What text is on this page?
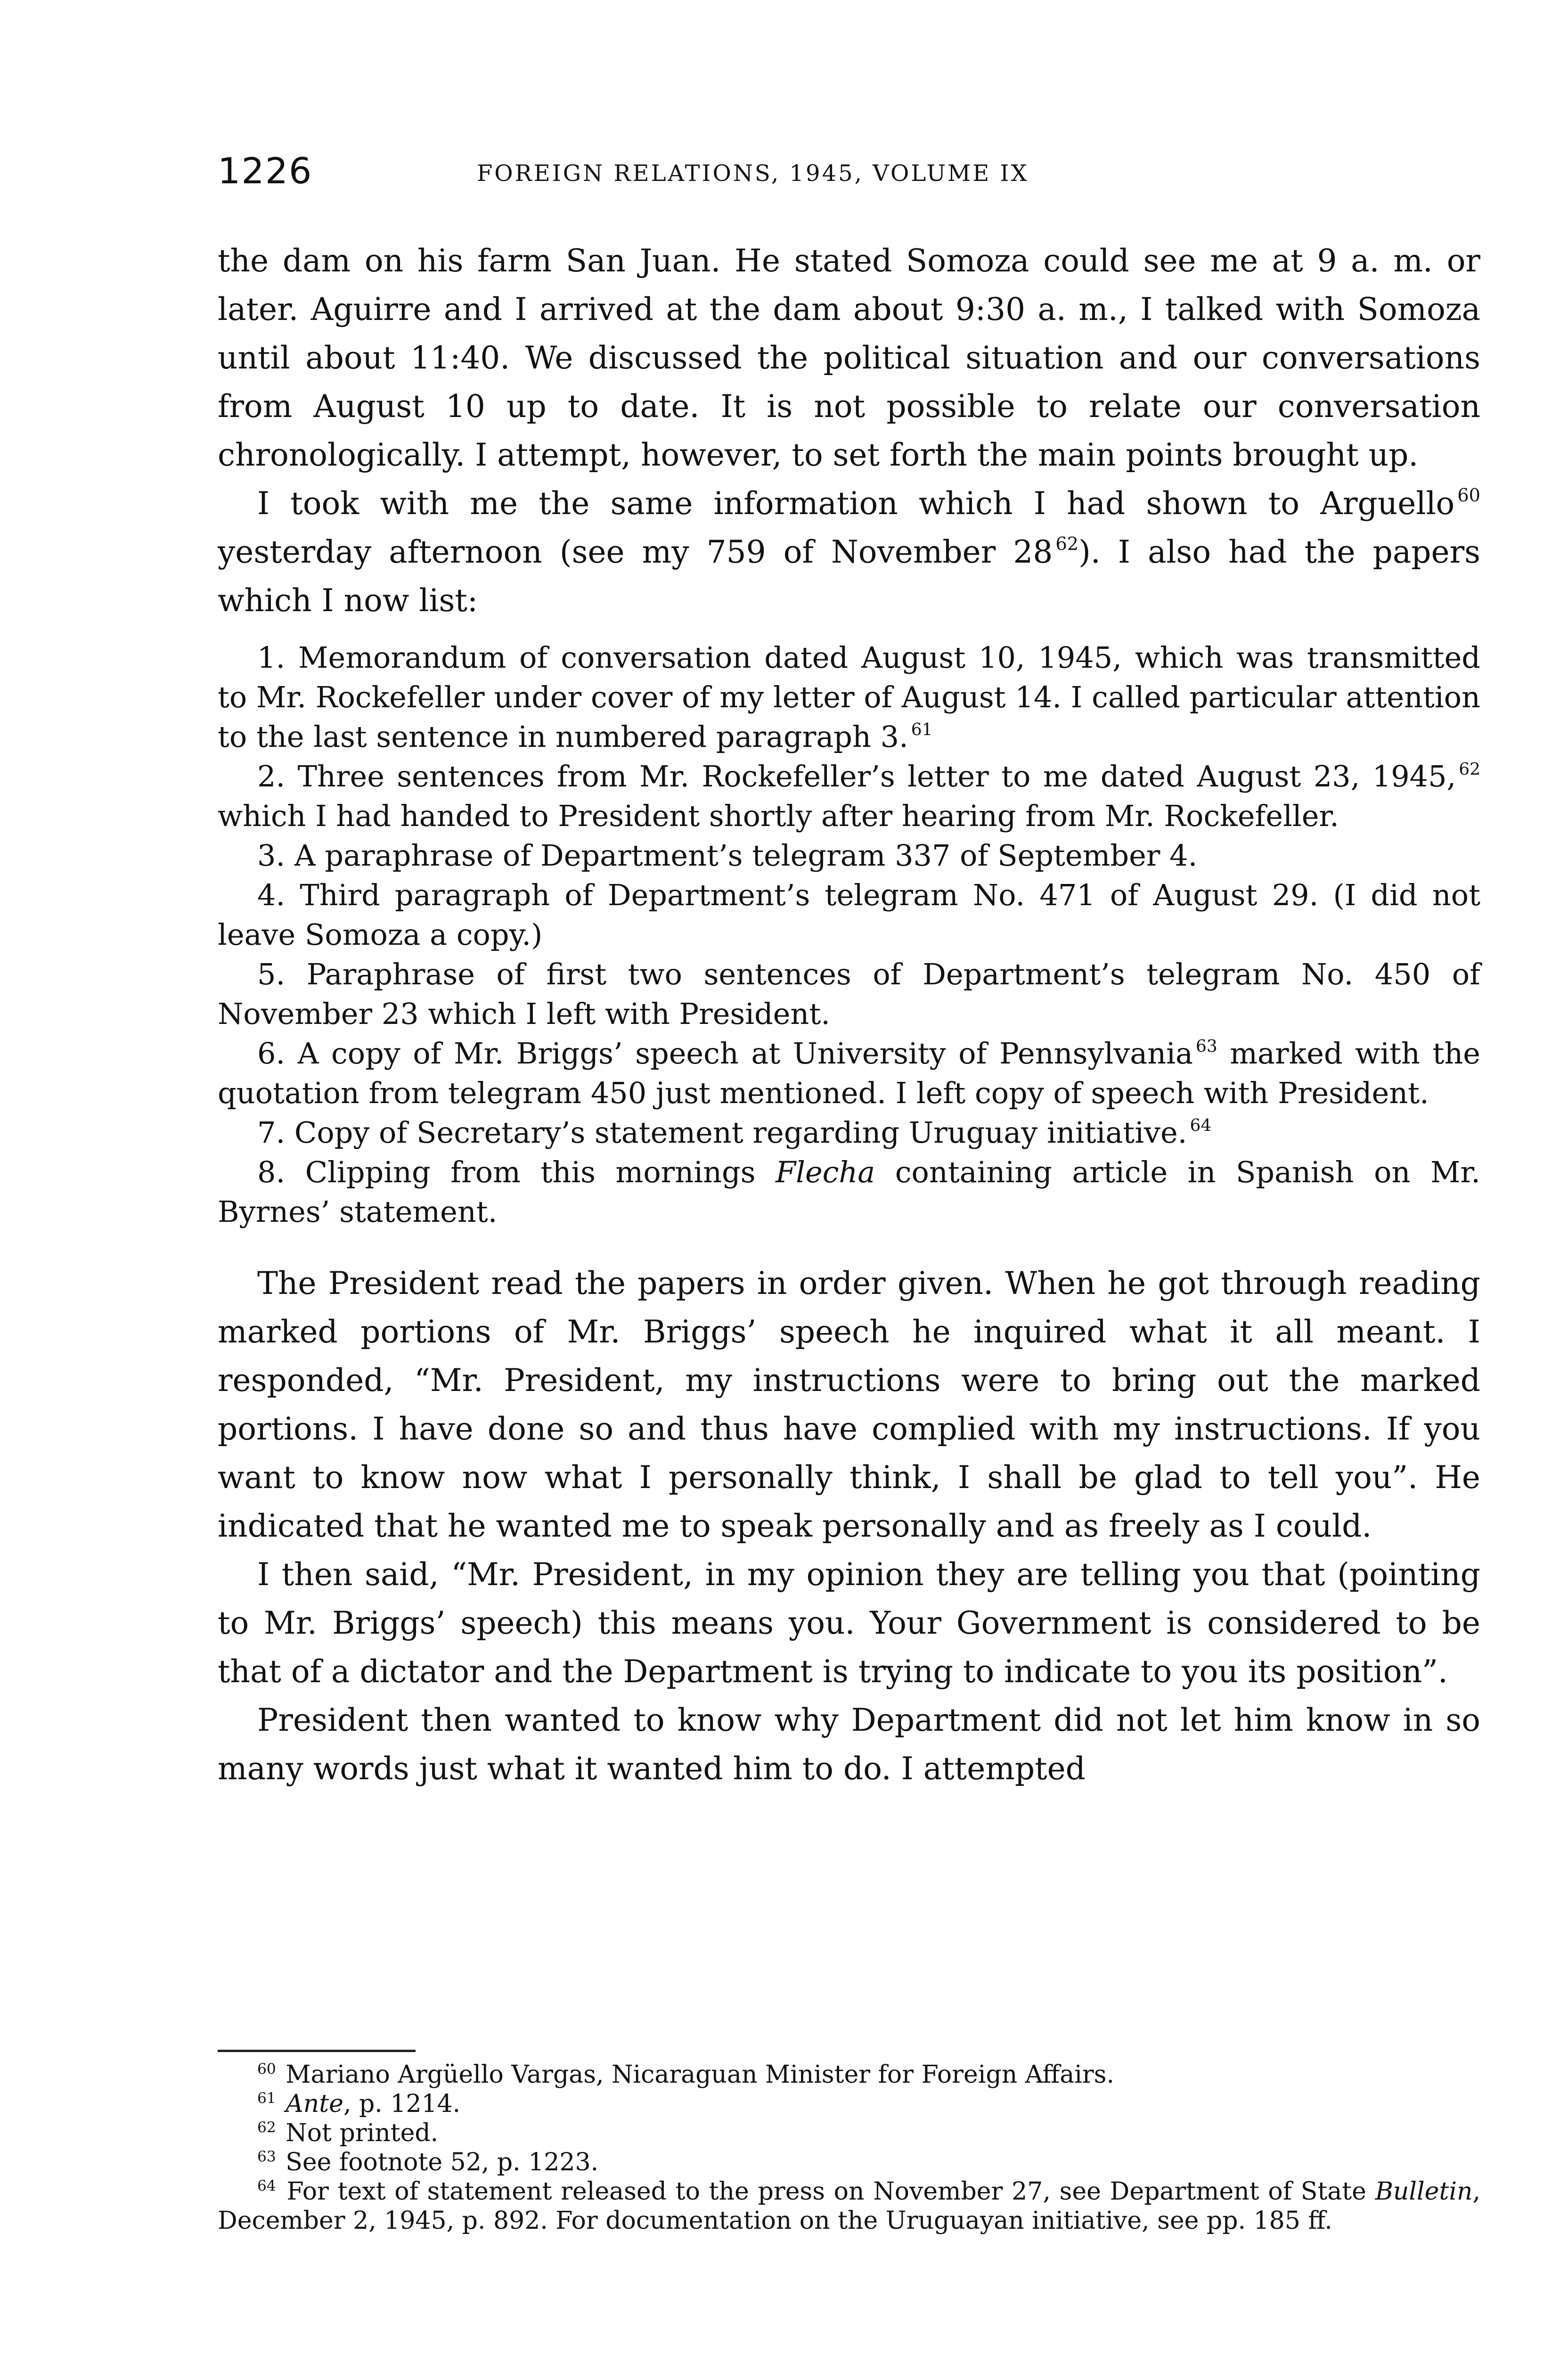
1226	FOREIGN RELATIONS, 1945, VOLUME IX

the dam on his farm San Juan. He stated Somoza could see me at 9 a. m. or later. Aguirre and I arrived at the dam about 9:30 a. m., I talked with Somoza until about 11:40. We discussed the political situation and our conversations from August 10 up to date. It is not possible to relate our conversation chronologically. I attempt, however, to set forth the main points brought up.

I took with me the same information which I had shown to Arguello $^{60}$ yesterday afternoon (see my 759 of November 28 $^{62}$). I also had the papers which I now list:

1. Memorandum of conversation dated August 10, 1945, which was transmitted to Mr. Rockefeller under cover of my letter of August 14. I called particular attention to the last sentence in numbered paragraph 3. $^{61}$
2. Three sentences from Mr. Rockefeller’s letter to me dated August 23, 1945, $^{62}$ which I had handed to President shortly after hearing from Mr. Rockefeller.
3. A paraphrase of Department’s telegram 337 of September 4.
4. Third paragraph of Department’s telegram No. 471 of August 29. (I did not leave Somoza a copy.)
5. Paraphrase of first two sentences of Department’s telegram No. 450 of November 23 which I left with President.
6. A copy of Mr. Briggs’ speech at University of Pennsylvania $^{63}$ marked with the quotation from telegram 450 just mentioned. I left copy of speech with President.
7. Copy of Secretary’s statement regarding Uruguay initiative. $^{64}$
8. Clipping from this mornings Flecha containing article in Spanish on Mr. Byrnes’ statement.

The President read the papers in order given. When he got through reading marked portions of Mr. Briggs’ speech he inquired what it all meant. I responded, “Mr. President, my instructions were to bring out the marked portions. I have done so and thus have complied with my instructions. If you want to know now what I personally think, I shall be glad to tell you”. He indicated that he wanted me to speak personally and as freely as I could.

I then said, “Mr. President, in my opinion they are telling you that (pointing to Mr. Briggs’ speech) this means you. Your Government is considered to be that of a dictator and the Department is trying to indicate to you its position”.

President then wanted to know why Department did not let him know in so many words just what it wanted him to do. I attempted

$^{60}$ Mariano Argüello Vargas, Nicaraguan Minister for Foreign Affairs.

$^{61}$ Ante, p. 1214.

$^{62}$ Not printed.

$^{63}$ See footnote 52, p. 1223.

$^{64}$ For text of statement released to the press on November 27, see Department of State Bulletin, December 2, 1945, p. 892. For documentation on the Uruguayan initiative, see pp. 185 ff.
